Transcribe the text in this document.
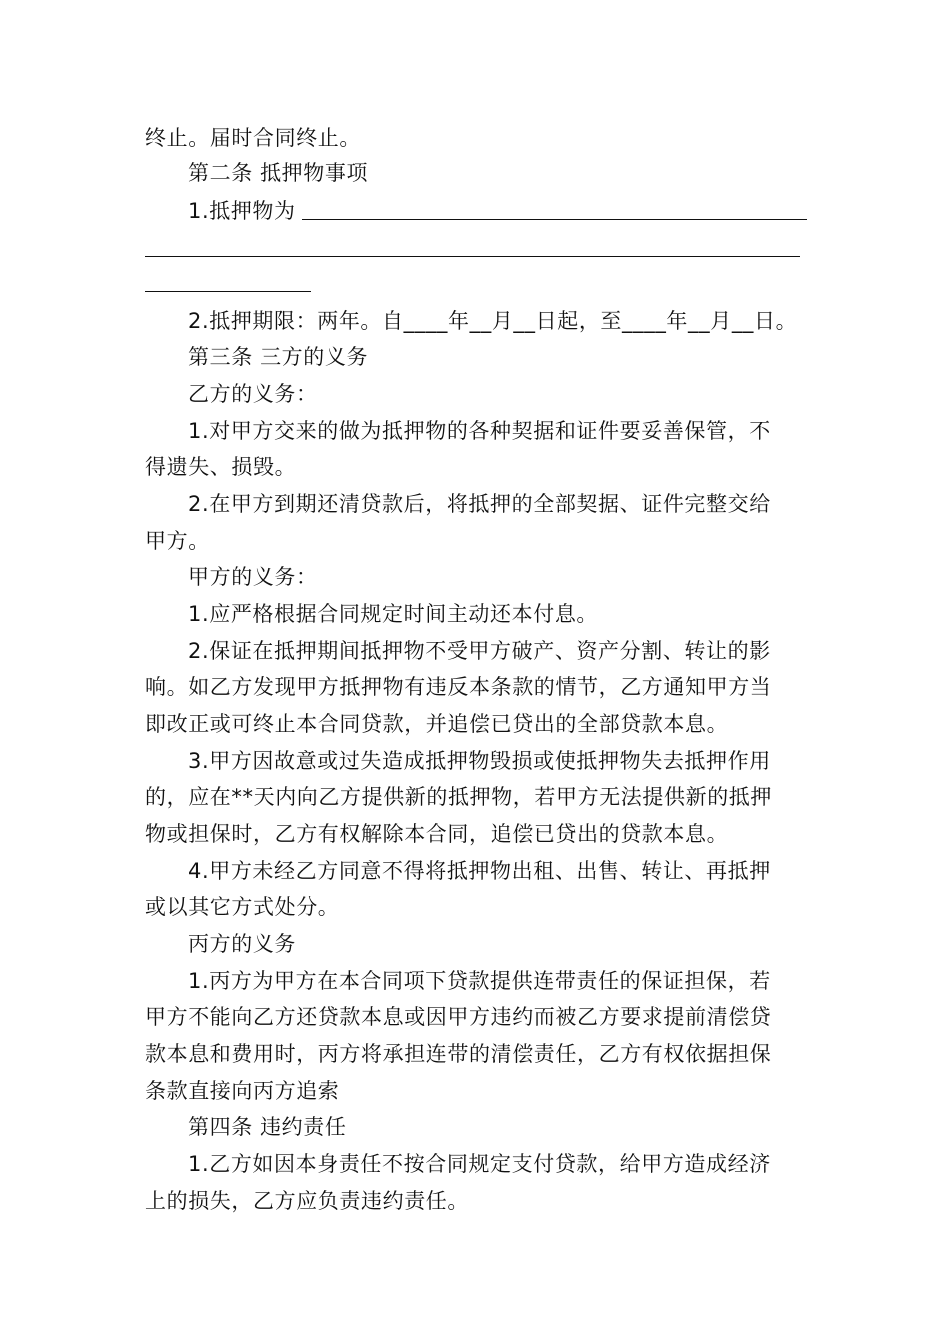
终止。届时合同终止。
第二条 抵押物事项
1.抵押物为
2.抵押期限：两年。自____年__月__日起，至____年__月__日。
第三条 三方的义务
乙方的义务：
1.对甲方交来的做为抵押物的各种契据和证件要妥善保管，不
得遗失、损毁。
2.在甲方到期还清贷款后，将抵押的全部契据、证件完整交给
甲方。
甲方的义务：
1.应严格根据合同规定时间主动还本付息。
2.保证在抵押期间抵押物不受甲方破产、资产分割、转让的影
响。如乙方发现甲方抵押物有违反本条款的情节，乙方通知甲方当
即改正或可终止本合同贷款，并追偿已贷出的全部贷款本息。
3.甲方因故意或过失造成抵押物毁损或使抵押物失去抵押作用
的，应在**天内向乙方提供新的抵押物，若甲方无法提供新的抵押
物或担保时，乙方有权解除本合同，追偿已贷出的贷款本息。
4.甲方未经乙方同意不得将抵押物出租、出售、转让、再抵押
或以其它方式处分。
丙方的义务
1.丙方为甲方在本合同项下贷款提供连带责任的保证担保，若
甲方不能向乙方还贷款本息或因甲方违约而被乙方要求提前清偿贷
款本息和费用时，丙方将承担连带的清偿责任，乙方有权依据担保
条款直接向丙方追索
第四条 违约责任
1.乙方如因本身责任不按合同规定支付贷款，给甲方造成经济
上的损失，乙方应负责违约责任。
